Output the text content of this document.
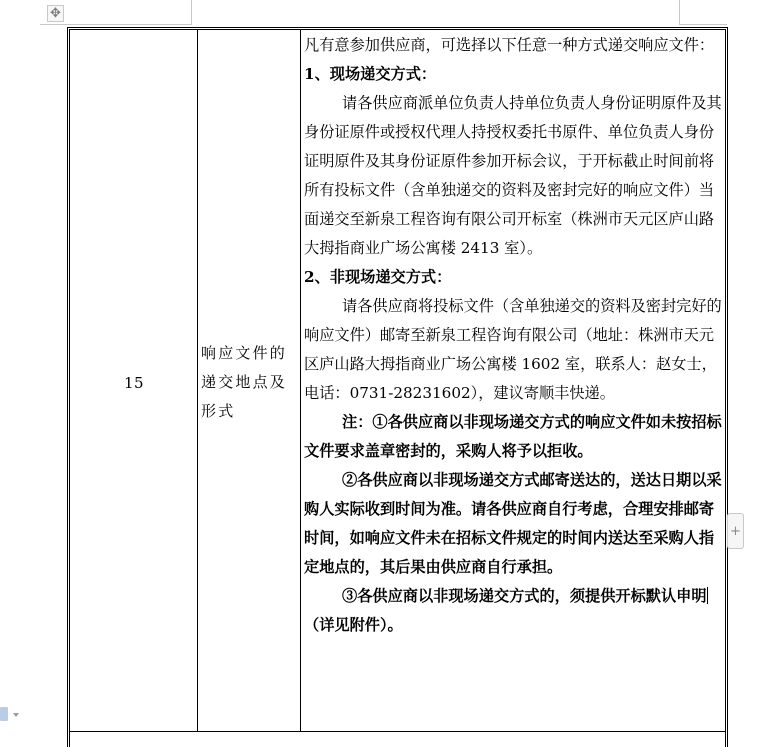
✥
15
响应文件的递交地点及形式

凡有意参加供应商，可选择以下任意一种方式递交响应文件：

1、现场递交方式：

请各供应商派单位负责人持单位负责人身份证明原件及其身份证原件或授权代理人持授权委托书原件、单位负责人身份证明原件及其身份证原件参加开标会议，于开标截止时间前将所有投标文件（含单独递交的资料及密封完好的响应文件）当面递交至新泉工程咨询有限公司开标室（株洲市天元区庐山路大拇指商业广场公寓楼 2413 室）。

2、非现场递交方式：

请各供应商将投标文件（含单独递交的资料及密封完好的响应文件）邮寄至新泉工程咨询有限公司（地址：株洲市天元区庐山路大拇指商业广场公寓楼 1602 室，联系人：赵女士，电话：0731-28231602），建议寄顺丰快递。

注：①各供应商以非现场递交方式的响应文件如未按招标文件要求盖章密封的，采购人将予以拒收。

②各供应商以非现场递交方式邮寄送达的，送达日期以采购人实际收到时间为准。请各供应商自行考虑，合理安排邮寄时间，如响应文件未在招标文件规定的时间内送达至采购人指定地点的，其后果由供应商自行承担。

③各供应商以非现场递交方式的，须提供开标默认申明（详见附件）。

+
